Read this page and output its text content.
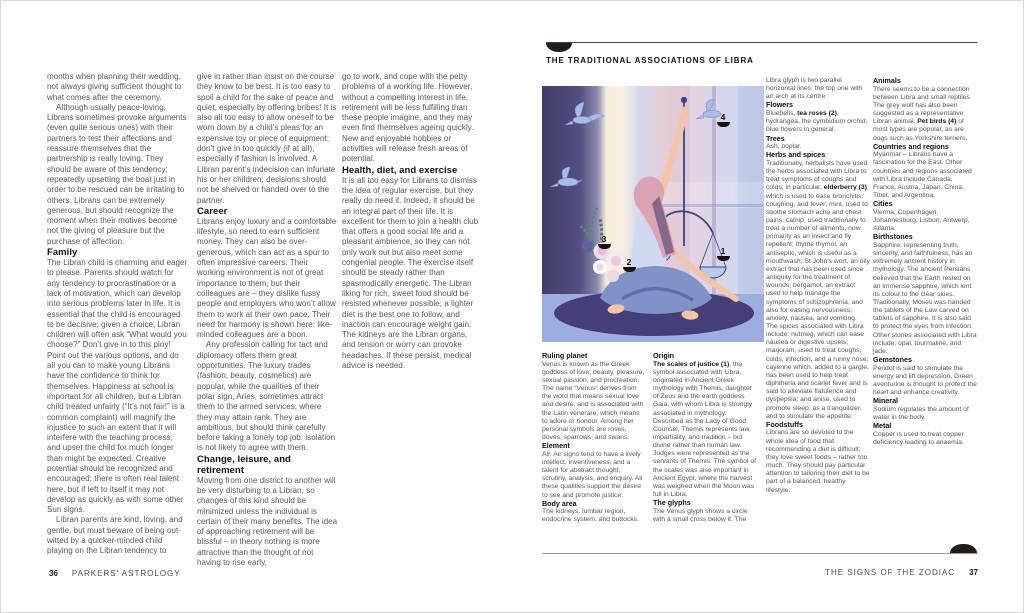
months when planning their wedding, not always giving sufficient thought to what comes after the ceremony.

Although usually peace-loving, Librans sometimes provoke arguments (even quite serious ones) with their partners to test their affections and reassure themselves that the partnership is really loving. They should be aware of this tendency; repeatedly upsetting the boat just in order to be rescued can be irritating to others. Librans can be extremely generous, but should recognize the moment when their motives become not the giving of pleasure but the purchase of affection.

Family

The Libran child is charming and eager to please. Parents should watch for any tendency to procrastination or a lack of motivation, which can develop into serious problems later in life. It is essential that the child is encouraged to be decisive; given a choice, Libran children will often ask “What would you choose?” Don’t give in to this ploy! Point out the various options, and do all you can to make young Librans have the confidence to think for themselves. Happiness at school is important for all children, but a Libran child treated unfairly (“It’s not fair!” is a common complaint) will magnify the injustice to such an extent that it will interfere with the teaching process, and upset the child for much longer than might be expected. Creative potential should be recognized and encouraged; there is often real talent here, but if left to itself it may not develop as quickly as with some other Sun signs.

Libran parents are kind, loving, and gentle, but must beware of being out-witted by a quicker-minded child playing on the Libran tendency to

give in rather than insist on the course they know to be best. It is too easy to spoil a child for the sake of peace and quiet, especially by offering bribes! It is also all too easy to allow oneself to be worn down by a child’s pleas for an expensive toy or piece of equipment; don’t give in too quickly (if at all), especially if fashion is involved. A Libran parent’s indecision can infuriate his or her children; decisions should not be shelved or handed over to the partner.

Career

Librans enjoy luxury and a comfortable lifestyle, so need to earn sufficient money. They can also be over-generous, which can act as a spur to often impressive careers. Their working environment is not of great importance to them, but their colleagues are – they dislike fussy people and employers who won’t allow them to work at their own pace. Their need for harmony is shown here: like-minded colleagues are a boon.

Any profession calling for tact and diplomacy offers them great opportunities. The luxury trades (fashion, beauty, cosmetics) are popular, while the qualities of their polar sign, Aries, sometimes attract them to the armed services, where they may attain rank. They are ambitious, but should think carefully before taking a lonely top job: isolation is not likely to agree with them.

Change, leisure, and retirement

Moving from one district to another will be very disturbing to a Libran, so changes of this kind should be minimized unless the individual is certain of their many benefits. The idea of approaching retirement will be blissful – in theory nothing is more attractive than the thought of not having to rise early,

go to work, and cope with the petty problems of a working life. However, without a compelling interest in life, retirement will be less fulfilling than these people imagine, and they may even find themselves ageing quickly. New and enjoyable hobbies or activities will release fresh areas of potential.

Health, diet, and exercise

It is all too easy for Librans to dismiss the idea of regular exercise, but they really do need it. Indeed, it should be an integral part of their life. It is excellent for them to join a health club that offers a good social life and a pleasant ambience, so they can not only work out but also meet some congenial people. The exercise itself should be steady rather than spasmodically energetic. The Libran liking for rich, sweet food should be resisted whenever possible; a lighter diet is the best one to follow, and inaction can encourage weight gain. The kidneys are the Libran organs, and tension or worry can provoke headaches. If these persist, medical advice is needed.

36 PARKERS’ ASTROLOGY
THE TRADITIONAL ASSOCIATIONS OF LIBRA
4
3
2
1

Ruling planet

Venus is known as the Greek goddess of love, beauty, pleasure, sexual passion, and procreation. The name “Venus” derives from the word that means sexual love and desire, and is associated with the Latin venerare, which means to adore or honour. Among her personal symbols are roses, doves, sparrows, and swans.

Element

Air. Air signs tend to have a lively intellect, inventiveness, and a talent for abstract thought, scrutiny, analysis, and enquiry. All these qualities support the desire to see and promote justice.

Body area

The kidneys, lumbar region, endocrine system, and buttocks.

Origin

The scales of justice (1), the symbol associated with Libra, originated in Ancient Greek mythology with Themis, daughter of Zeus and the earth goddess Gaia, with whom Libra is strongly associated in mythology. Described as the Lady of Good Counsel, Themis represents law, impartiality, and tradition – but divine rather than human law. Judges were represented as the servants of Themis. The symbol of the scales was also important in Ancient Egypt, where the harvest was weighed when the Moon was full in Libra.

The glyphs

The Venus glyph shows a circle with a small cross below it. The

Libra glyph is two parallel horizontal lines, the top one with an arch at its centre.

Flowers

Bluebells, tea roses (2), hydrangea, the cymbidium orchid; blue flowers in general.

Trees

Ash, poplar.

Herbs and spices

Traditionally, herbalists have used the herbs associated with Libra to treat symptoms of coughs and colds; in particular, elderberry (3), which is used to ease bronchitis, coughing, and fever; mint, used to soothe stomach ache and chest pains; catnip, used traditionally to treat a number of ailments, now primarily as an insect and fly repellent; thyme thymol, an antiseptic, which is useful as a mouthwash; St John’s wort, an oily extract that has been used since antiquity for the treatment of wounds; bergamot, an extract used to help manage the symptoms of schizophrenia, and also for easing nervousness, anxiety, nausea, and vomiting. The spices associated with Libra include: nutmeg, which can ease nausea or digestive upsets; marjoram, used to treat coughs, colds, infection, and a runny nose; cayenne which, added to a gargle, has been used to help treat diphtheria and scarlet fever and is said to alleviate flatulence and dyspepsia; and anise, used to promote sleep, as a tranquilizer, and to stimulate the appetite.

Foodstuffs

Librans are so devoted to the whole idea of food that recommending a diet is difficult; they love sweet foods – rather too much. They should pay particular attention to tailoring their diet to be part of a balanced, healthy lifestyle.

Animals

There seems to be a connection between Libra and small reptiles. The grey wolf has also been suggested as a representative Libran animal. Pet birds (4) of most types are popular, as are dogs such as Yorkshire terriers.

Countries and regions

Myanmar – Librans have a fascination for the East. Other countries and regions associated with Libra include Canada, France, Austria, Japan, China, Tibet, and Argentina.

Cities

Vienna, Copenhagen, Johannesburg, Lisbon, Antwerp, Atlanta.

Birthstones

Sapphire, representing truth, sincerity, and faithfulness, has an extremely ancient history in mythology. The ancient Persians believed that the Earth rested on an immense sapphire, which lent its colour to the clear skies. Traditionally, Moses was handed the tablets of the Law carved on tablets of sapphire. It is also said to protect the eyes from infection. Other stones associated with Libra include: opal, tourmaline, and jade.

Gemstones

Peridot is said to stimulate the energy and lift depression. Green aventurine is thought to protect the heart and enhance creativity.

Mineral

Sodium regulates the amount of water in the body.

Metal

Copper is used to treat copper deficiency leading to anaemia.

THE SIGNS OF THE ZODIAC 37
